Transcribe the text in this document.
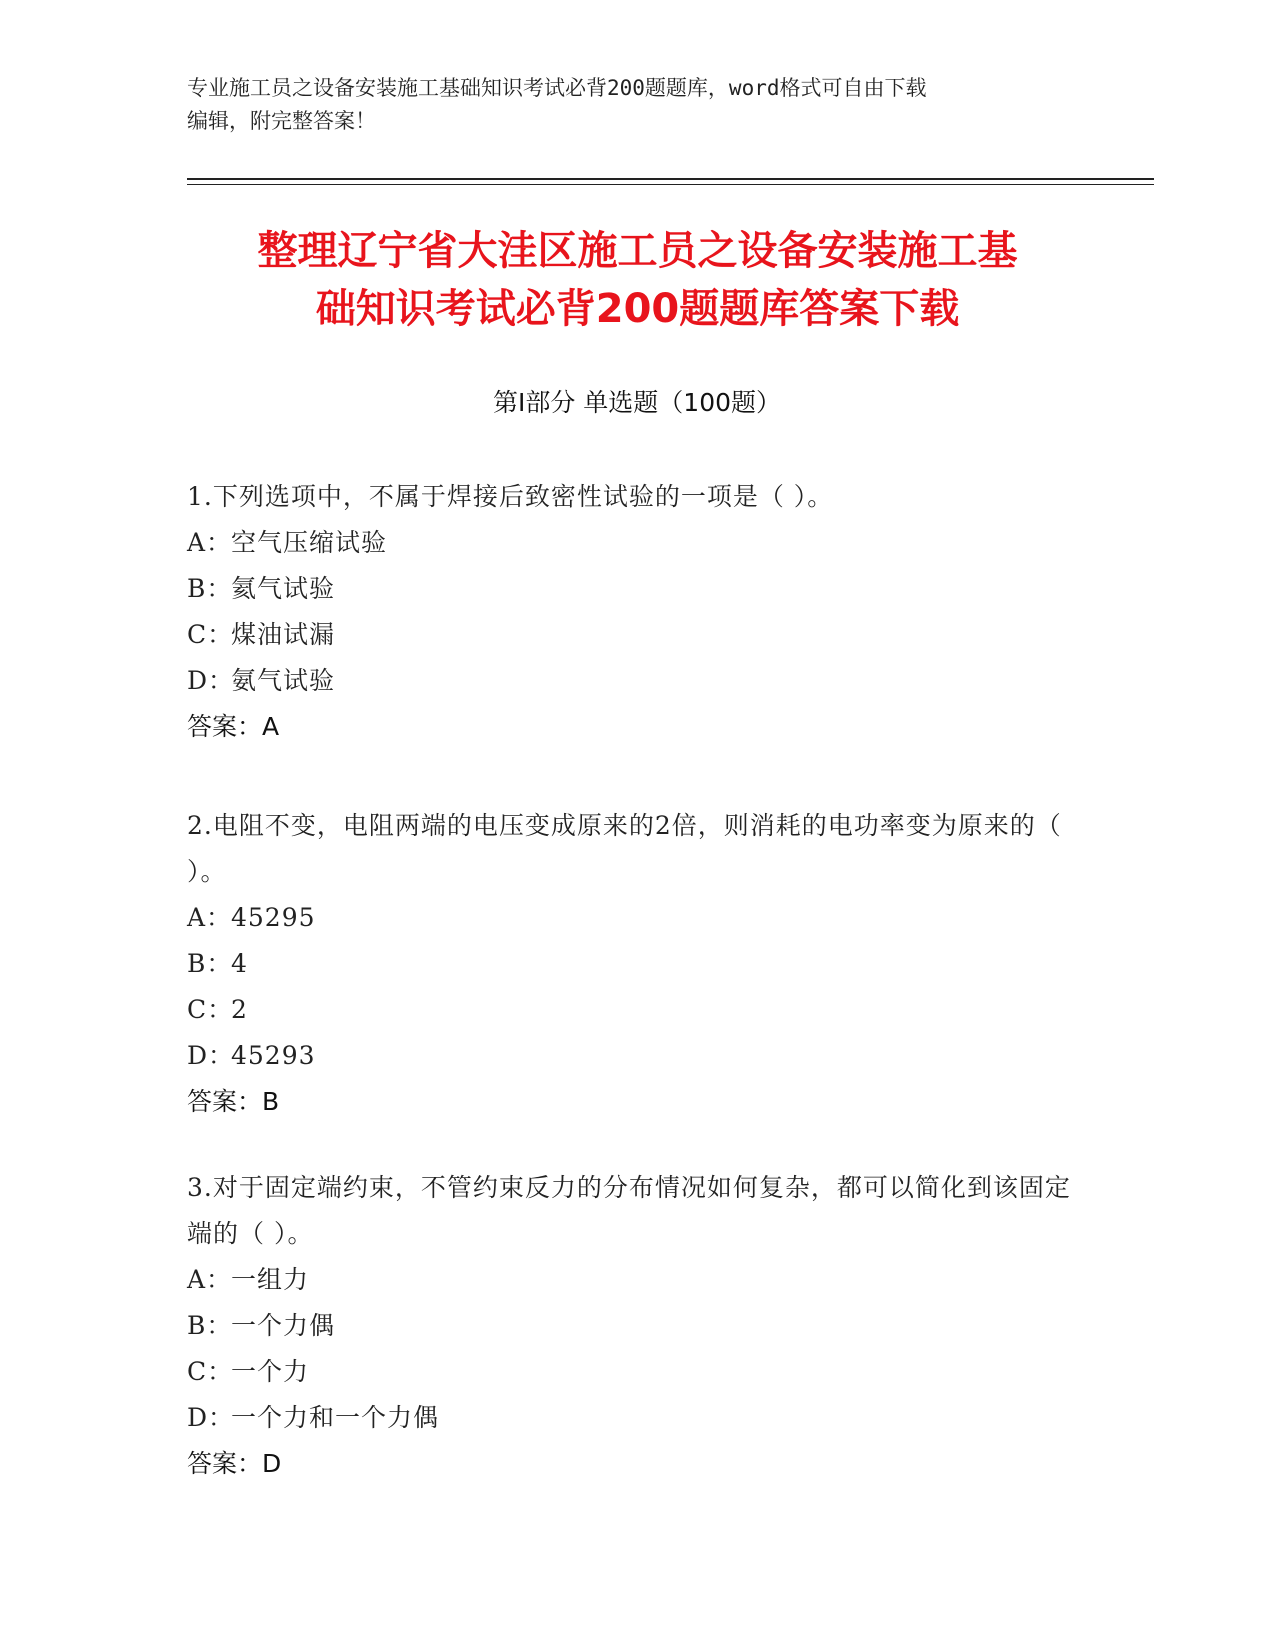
专业施工员之设备安装施工基础知识考试必背200题题库，word格式可自由下载
编辑，附完整答案！
整理辽宁省大洼区施工员之设备安装施工基
础知识考试必背200题题库答案下载
第Ⅰ部分 单选题（100题）
1.下列选项中，不属于焊接后致密性试验的一项是（ ）。
A：空气压缩试验
B：氦气试验
C：煤油试漏
D：氨气试验
答案：A
2.电阻不变，电阻两端的电压变成原来的2倍，则消耗的电功率变为原来的（ ）。
A：45295
B：4
C：2
D：45293
答案：B
3.对于固定端约束，不管约束反力的分布情况如何复杂，都可以简化到该固定端的（ ）。
A：一组力
B：一个力偶
C：一个力
D：一个力和一个力偶
答案：D
